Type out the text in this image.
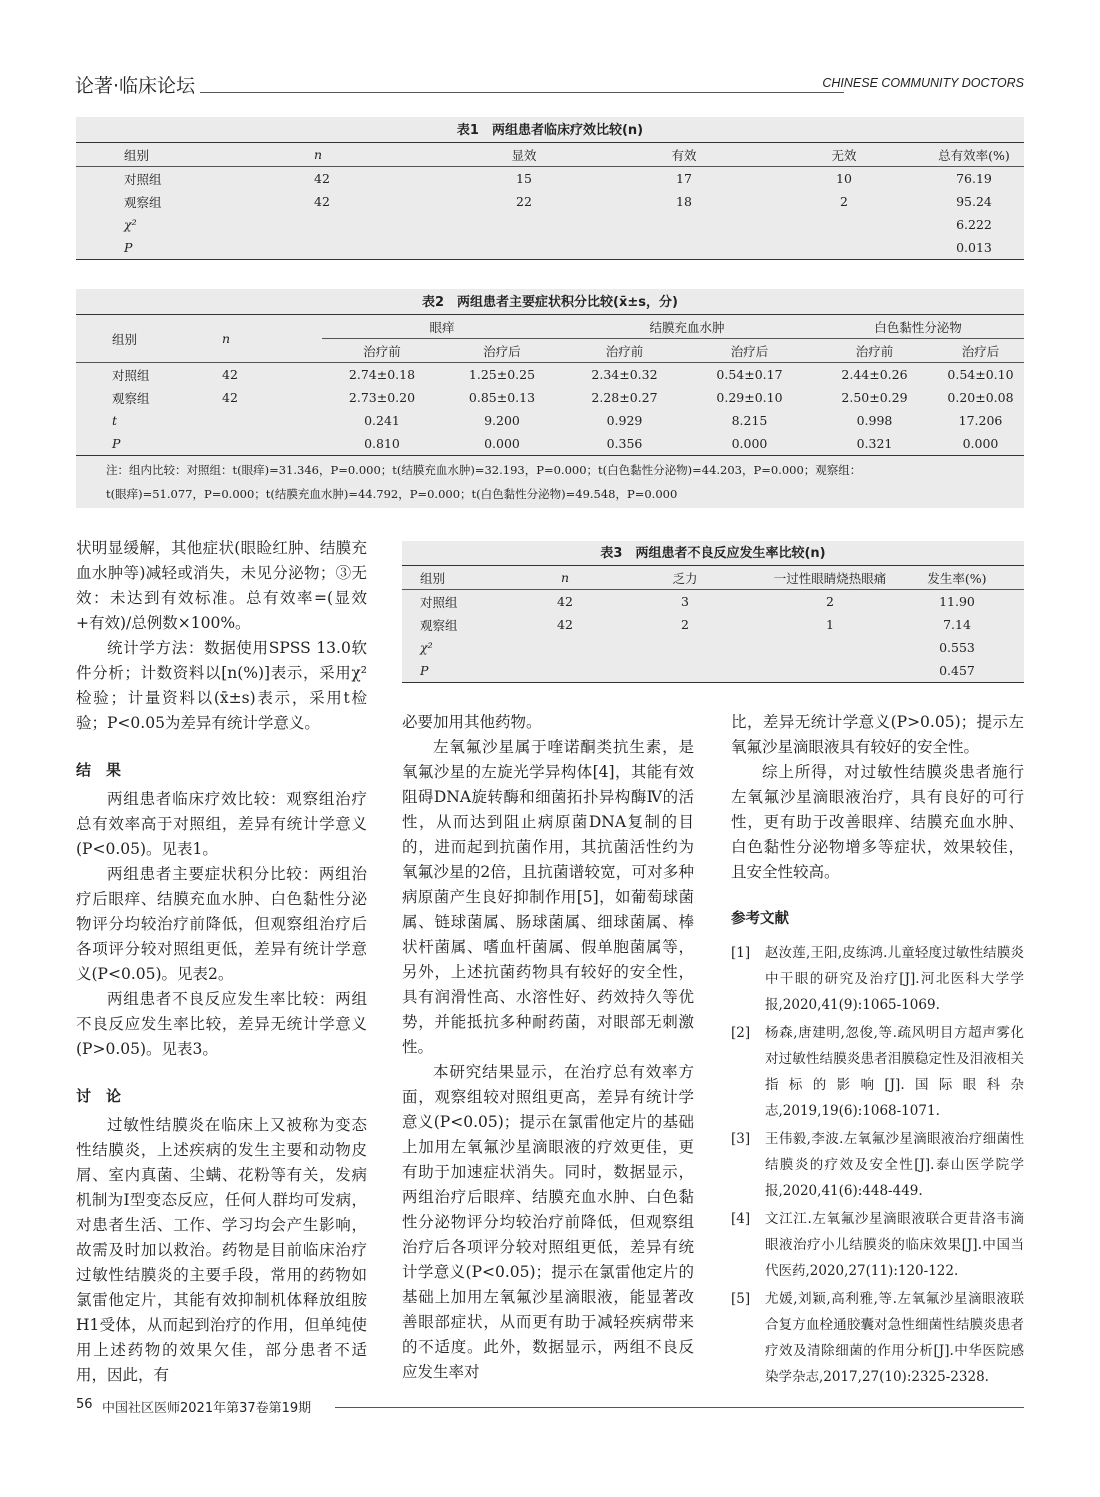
论著·临床论坛	CHINESE COMMUNITY DOCTORS
表1　两组患者临床疗效比较(n)
组别	n	显效	有效	无效	总有效率(%)
对照组	42	15	17	10	76.19
观察组	42	22	18	2	95.24
χ²					6.222
P					0.013
表2　两组患者主要症状积分比较(x̄±s，分)
组别	n	眼痒		结膜充血水肿		白色黏性分泌物	
		治疗前	治疗后	治疗前	治疗后	治疗前	治疗后
对照组	42	2.74±0.18	1.25±0.25	2.34±0.32	0.54±0.17	2.44±0.26	0.54±0.10
观察组	42	2.73±0.20	0.85±0.13	2.28±0.27	0.29±0.10	2.50±0.29	0.20±0.08
t		0.241	9.200	0.929	8.215	0.998	17.206
P		0.810	0.000	0.356	0.000	0.321	0.000
注：组内比较：对照组：t(眼痒)=31.346，P=0.000；t(结膜充血水肿)=32.193，P=0.000；t(白色黏性分泌物)=44.203，P=0.000；观察组：
t(眼痒)=51.077，P=0.000；t(结膜充血水肿)=44.792，P=0.000；t(白色黏性分泌物)=49.548，P=0.000

状明显缓解，其他症状(眼睑红肿、结膜充血水肿等)减轻或消失，未见分泌物；③无效：未达到有效标准。总有效率=(显效+有效)/总例数×100%。

统计学方法：数据使用SPSS 13.0软件分析；计数资料以[n(%)]表示，采用χ²检验；计量资料以(x̄±s)表示，采用t检验；P<0.05为差异有统计学意义。

结　果

两组患者临床疗效比较：观察组治疗总有效率高于对照组，差异有统计学意义(P<0.05)。见表1。

两组患者主要症状积分比较：两组治疗后眼痒、结膜充血水肿、白色黏性分泌物评分均较治疗前降低，但观察组治疗后各项评分较对照组更低，差异有统计学意义(P<0.05)。见表2。

两组患者不良反应发生率比较：两组不良反应发生率比较，差异无统计学意义(P>0.05)。见表3。

讨　论

过敏性结膜炎在临床上又被称为变态性结膜炎，上述疾病的发生主要和动物皮屑、室内真菌、尘螨、花粉等有关，发病机制为Ⅰ型变态反应，任何人群均可发病，对患者生活、工作、学习均会产生影响，故需及时加以救治。药物是目前临床治疗过敏性结膜炎的主要手段，常用的药物如氯雷他定片，其能有效抑制机体释放组胺H1受体，从而起到治疗的作用，但单纯使用上述药物的效果欠佳，部分患者不适用，因此，有

表3　两组患者不良反应发生率比较(n)
组别	n	乏力	一过性眼睛烧热眼痛	发生率(%)
对照组	42	3	2	11.90
观察组	42	2	1	7.14
χ²				0.553
P				0.457

必要加用其他药物。

左氧氟沙星属于喹诺酮类抗生素，是氧氟沙星的左旋光学异构体[4]，其能有效阻碍DNA旋转酶和细菌拓扑异构酶Ⅳ的活性，从而达到阻止病原菌DNA复制的目的，进而起到抗菌作用，其抗菌活性约为氧氟沙星的2倍，且抗菌谱较宽，可对多种病原菌产生良好抑制作用[5]，如葡萄球菌属、链球菌属、肠球菌属、细球菌属、棒状杆菌属、嗜血杆菌属、假单胞菌属等，另外，上述抗菌药物具有较好的安全性，具有润滑性高、水溶性好、药效持久等优势，并能抵抗多种耐药菌，对眼部无刺激性。

本研究结果显示，在治疗总有效率方面，观察组较对照组更高，差异有统计学意义(P<0.05)；提示在氯雷他定片的基础上加用左氧氟沙星滴眼液的疗效更佳，更有助于加速症状消失。同时，数据显示，两组治疗后眼痒、结膜充血水肿、白色黏性分泌物评分均较治疗前降低，但观察组治疗后各项评分较对照组更低，差异有统计学意义(P<0.05)；提示在氯雷他定片的基础上加用左氧氟沙星滴眼液，能显著改善眼部症状，从而更有助于减轻疾病带来的不适度。此外，数据显示，两组不良反应发生率对

比，差异无统计学意义(P>0.05)；提示左氧氟沙星滴眼液具有较好的安全性。

综上所得，对过敏性结膜炎患者施行左氧氟沙星滴眼液治疗，具有良好的可行性，更有助于改善眼痒、结膜充血水肿、白色黏性分泌物增多等症状，效果较佳，且安全性较高。

参考文献
[1]	赵汝莲,王阳,皮练鸿.儿童轻度过敏性结膜炎中干眼的研究及治疗[J].河北医科大学学报,2020,41(9):1065-1069.
[2]	杨森,唐建明,忽俊,等.疏风明目方超声雾化对过敏性结膜炎患者泪膜稳定性及泪液相关指标的影响[J].国际眼科杂志,2019,19(6):1068-1071.
[3]	王伟毅,李波.左氧氟沙星滴眼液治疗细菌性结膜炎的疗效及安全性[J].泰山医学院学报,2020,41(6):448-449.
[4]	文江江.左氧氟沙星滴眼液联合更昔洛韦滴眼液治疗小儿结膜炎的临床效果[J].中国当代医药,2020,27(11):120-122.
[5]	尤媛,刘颖,高利雅,等.左氧氟沙星滴眼液联合复方血栓通胶囊对急性细菌性结膜炎患者疗效及清除细菌的作用分析[J].中华医院感染学杂志,2017,27(10):2325-2328.
56 中国社区医师2021年第37卷第19期
